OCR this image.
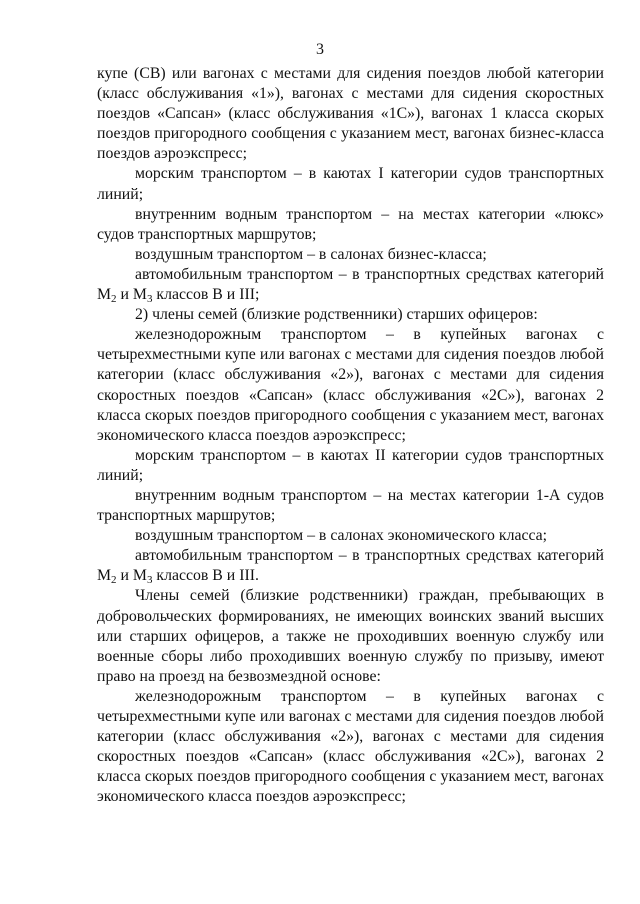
3

купе (СВ) или вагонах с местами для сидения поездов любой категории (класс обслуживания «1»), вагонах с местами для сидения скоростных поездов «Сапсан» (класс обслуживания «1С»), вагонах 1 класса скорых поездов пригородного сообщения с указанием мест, вагонах бизнес-класса поездов аэроэкспресс;

морским транспортом – в каютах I категории судов транспортных линий;

внутренним водным транспортом – на местах категории «люкс» судов транспортных маршрутов;

воздушным транспортом – в салонах бизнес-класса;

автомобильным транспортом – в транспортных средствах категорий $M_2$ и $M_3$ классов B и III;

2) члены семей (близкие родственники) старших офицеров:

железнодорожным транспортом – в купейных вагонах с четырехместными купе или вагонах с местами для сидения поездов любой категории (класс обслуживания «2»), вагонах с местами для сидения скоростных поездов «Сапсан» (класс обслуживания «2С»), вагонах 2 класса скорых поездов пригородного сообщения с указанием мест, вагонах экономического класса поездов аэроэкспресс;

морским транспортом – в каютах II категории судов транспортных линий;

внутренним водным транспортом – на местах категории 1-А судов транспортных маршрутов;

воздушным транспортом – в салонах экономического класса;

автомобильным транспортом – в транспортных средствах категорий $M_2$ и $M_3$ классов B и III.

Члены семей (близкие родственники) граждан, пребывающих в добровольческих формированиях, не имеющих воинских званий высших или старших офицеров, а также не проходивших военную службу или военные сборы либо проходивших военную службу по призыву, имеют право на проезд на безвозмездной основе:

железнодорожным транспортом – в купейных вагонах с четырехместными купе или вагонах с местами для сидения поездов любой категории (класс обслуживания «2»), вагонах с местами для сидения скоростных поездов «Сапсан» (класс обслуживания «2С»), вагонах 2 класса скорых поездов пригородного сообщения с указанием мест, вагонах экономического класса поездов аэроэкспресс;
